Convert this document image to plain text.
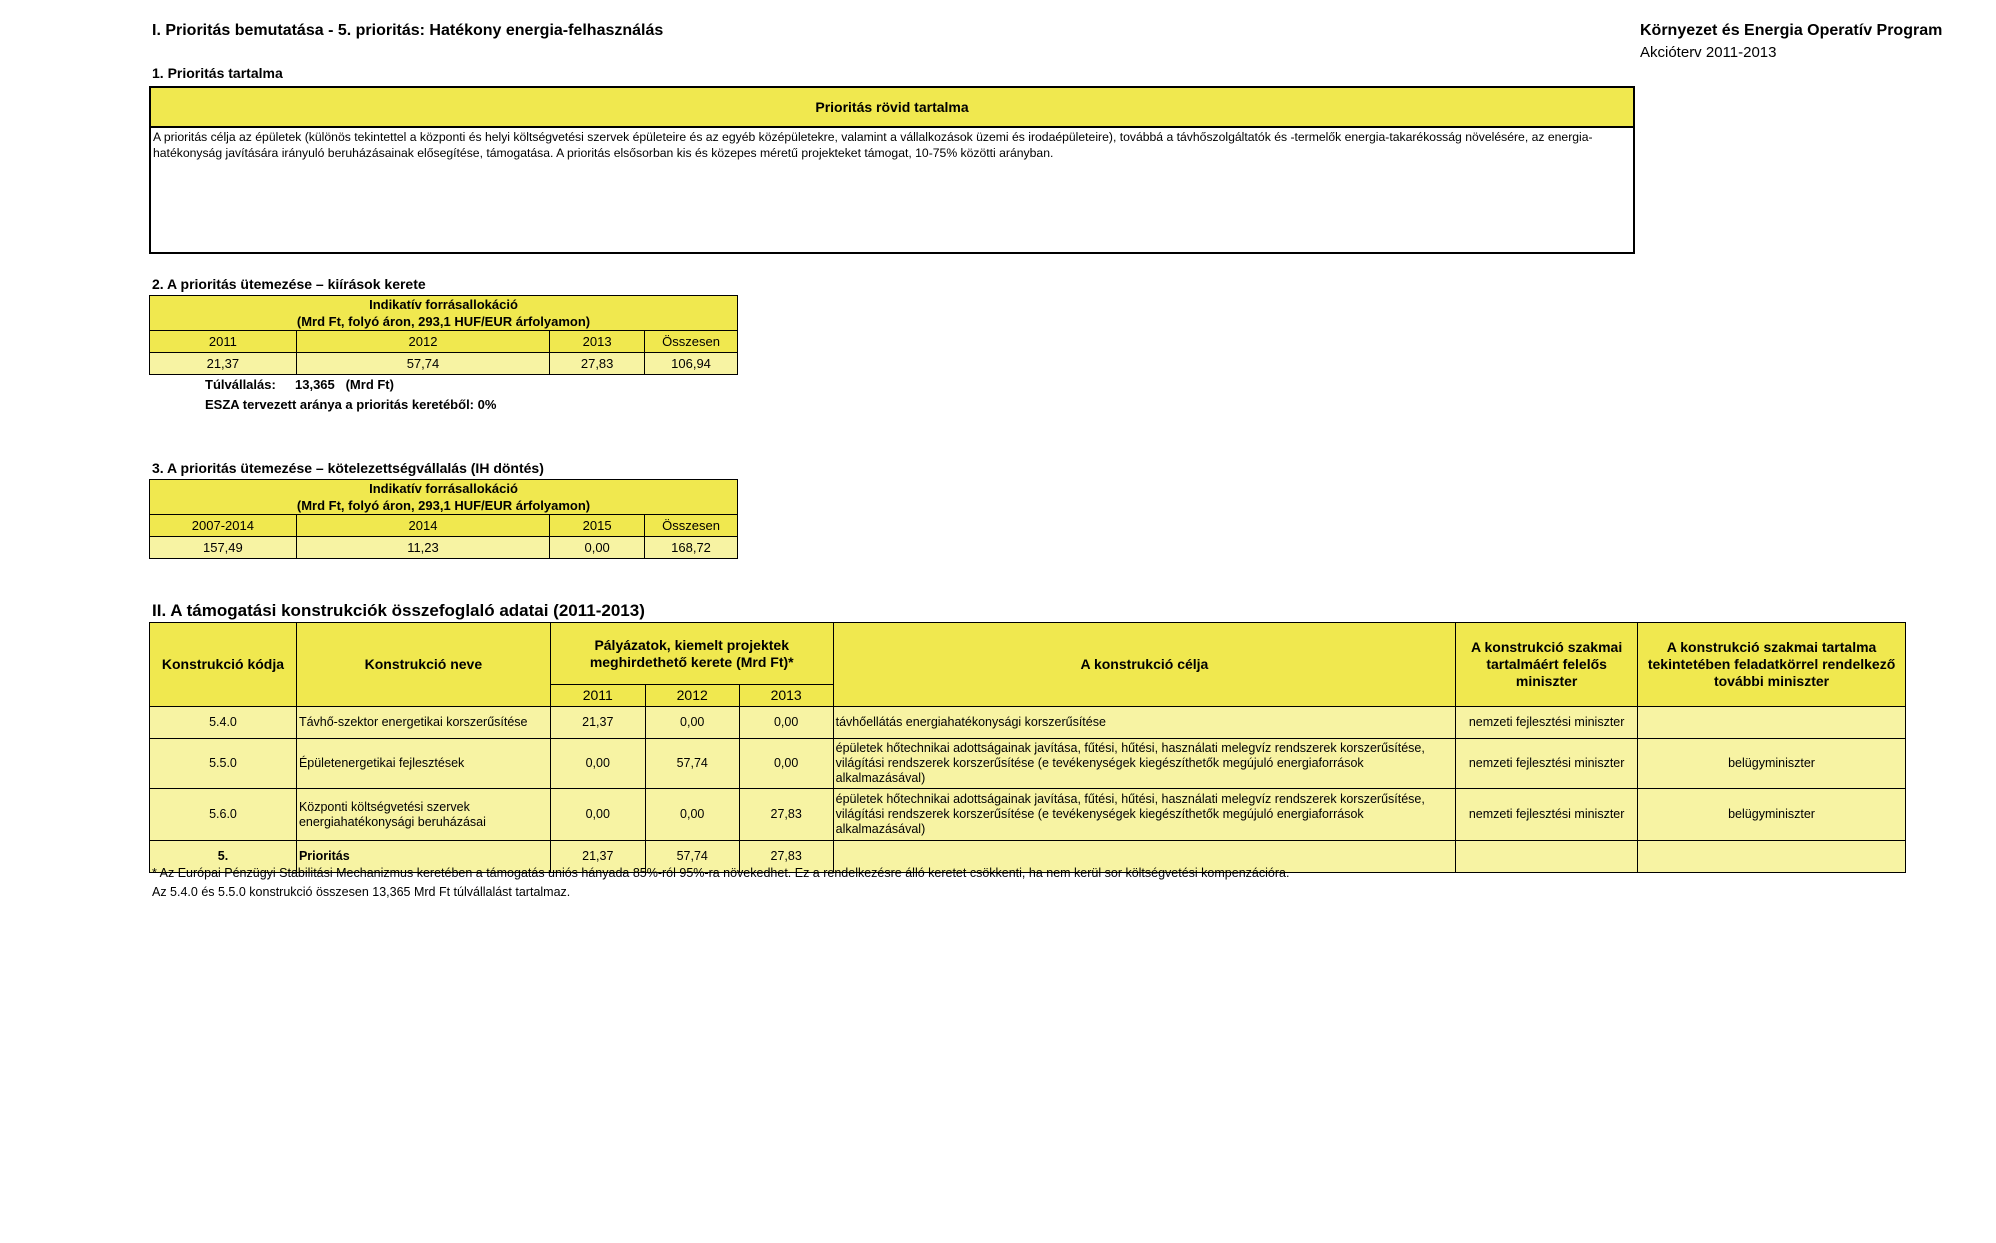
I. Prioritás bemutatása - 5. prioritás: Hatékony energia-felhasználás	Környezet és Energia Operatív Program
Akcióterv 2011-2013
1. Prioritás tartalma
Prioritás rövid tartalma
A prioritás célja az épületek (különös tekintettel a központi és helyi költségvetési szervek épületeire és az egyéb középületekre, valamint a vállalkozások üzemi és irodaépületeire), továbbá a távhőszolgáltatók és -termelők energia-takarékosság növelésére, az energia-hatékonyság javítására irányuló beruházásainak elősegítése, támogatása. A prioritás elsősorban kis és közepes méretű projekteket támogat, 10-75% közötti arányban.
2. A prioritás ütemezése – kiírások kerete
Indikatív forrásallokáció
(Mrd Ft, folyó áron, 293,1 HUF/EUR árfolyamon)			

2011	2012	2013	Összesen
21,37	57,74	27,83	106,94
Túlvállalás: 13,365   (Mrd Ft)
ESZA tervezett aránya a prioritás keretéből: 0%
3. A prioritás ütemezése – kötelezettségvállalás (IH döntés)
Indikatív forrásallokáció
(Mrd Ft, folyó áron, 293,1 HUF/EUR árfolyamon)			

2007-2014	2014	2015	Összesen
157,49	11,23	0,00	168,72
II. A támogatási konstrukciók összefoglaló adatai (2011-2013)
Konstrukció kódja	Konstrukció neve	Pályázatok, kiemelt projektek meghirdethető kerete (Mrd Ft)*			A konstrukció célja	A konstrukció szakmai tartalmáért felelős miniszter	A konstrukció szakmai tartalma tekintetében feladatkörrel rendelkező további miniszter
		2011	2012	2013			
5.4.0	Távhő-szektor energetikai korszerűsítése	21,37	0,00	0,00	távhőellátás energiahatékonysági korszerűsítése	nemzeti fejlesztési miniszter	
5.5.0	Épületenergetikai fejlesztések	0,00	57,74	0,00	épületek hőtechnikai adottságainak javítása, fűtési, hűtési, használati melegvíz rendszerek korszerűsítése, világítási rendszerek korszerűsítése (e tevékenységek kiegészíthetők megújuló energiaforrások alkalmazásával)	nemzeti fejlesztési miniszter	belügyminiszter
5.6.0	Központi költségvetési szervek energiahatékonysági beruházásai	0,00	0,00	27,83	épületek hőtechnikai adottságainak javítása, fűtési, hűtési, használati melegvíz rendszerek korszerűsítése, világítási rendszerek korszerűsítése (e tevékenységek kiegészíthetők megújuló energiaforrások alkalmazásával)	nemzeti fejlesztési miniszter	belügyminiszter
5.	Prioritás	21,37	57,74	27,83			
* Az Európai Pénzügyi Stabilitási Mechanizmus keretében a támogatás uniós hányada 85%-ról 95%-ra növekedhet. Ez a rendelkezésre álló keretet csökkenti, ha nem kerül sor költségvetési kompenzációra.
Az 5.4.0 és 5.5.0 konstrukció összesen 13,365 Mrd Ft túlvállalást tartalmaz.
